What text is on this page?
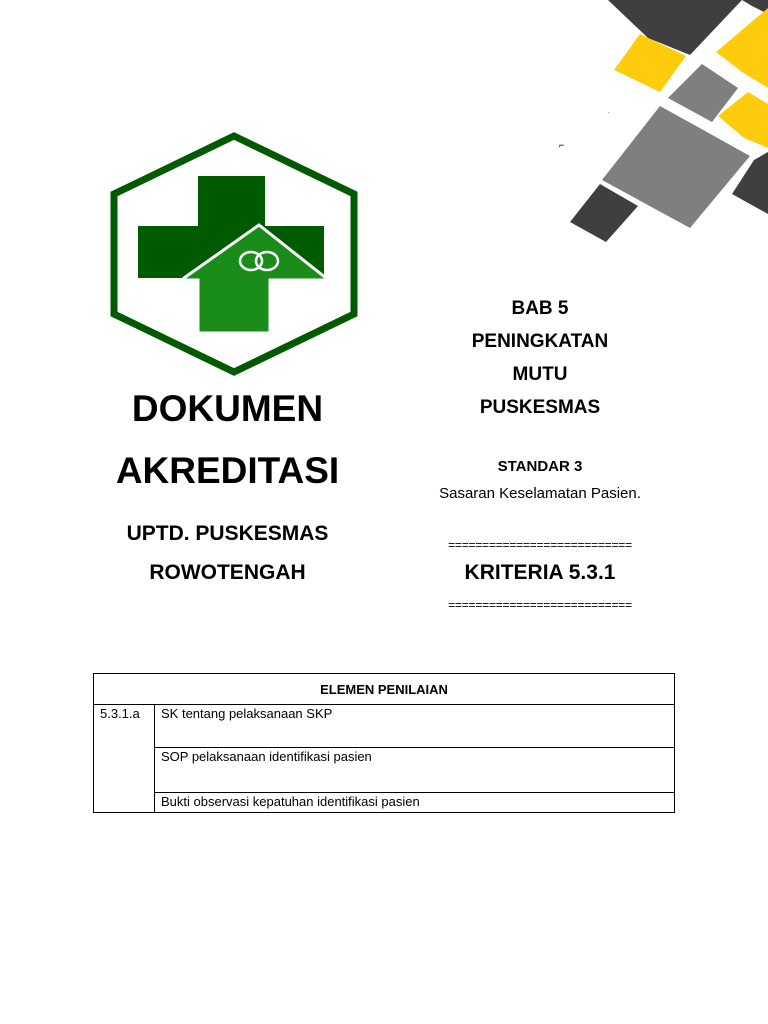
.
⌐
DOKUMEN
AKREDITASI
UPTD. PUSKESMAS
ROWOTENGAH
BAB 5
PENINGKATAN
MUTU
PUSKESMAS
STANDAR 3
Sasaran Keselamatan Pasien.
===========================
KRITERIA 5.3.1
===========================
ELEMEN PENILAIAN
5.3.1.a	SK tentang pelaksanaan SKP
SOP pelaksanaan identifikasi pasien
Bukti observasi kepatuhan identifikasi pasien
